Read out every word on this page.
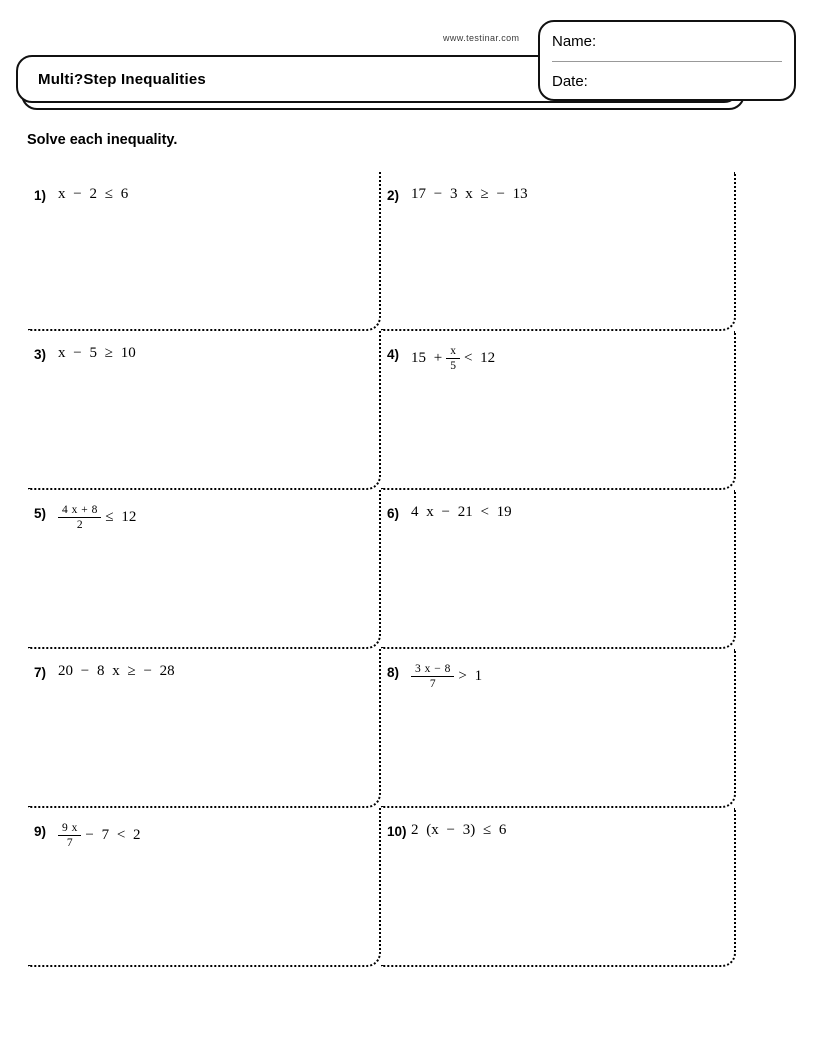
www.testinar.com
Multi?Step Inequalities
Name:
Date:
Solve each inequality.
1) x − 2 ≤ 6	2) 17 − 3 x ≥ − 13
3) x − 5 ≥ 10	4) $15 + \frac{x}{5} < 12$
5)	$\frac{4 x + 8}{2} \le 12$	6) 4 x − 21 < 19
7) 20 − 8 x ≥ − 28	8)	$\frac{3 x - 8}{7} > 1$
9)	$\frac{9 x}{7} - 7 < 2$	10) 2 (x − 3) ≤ 6
